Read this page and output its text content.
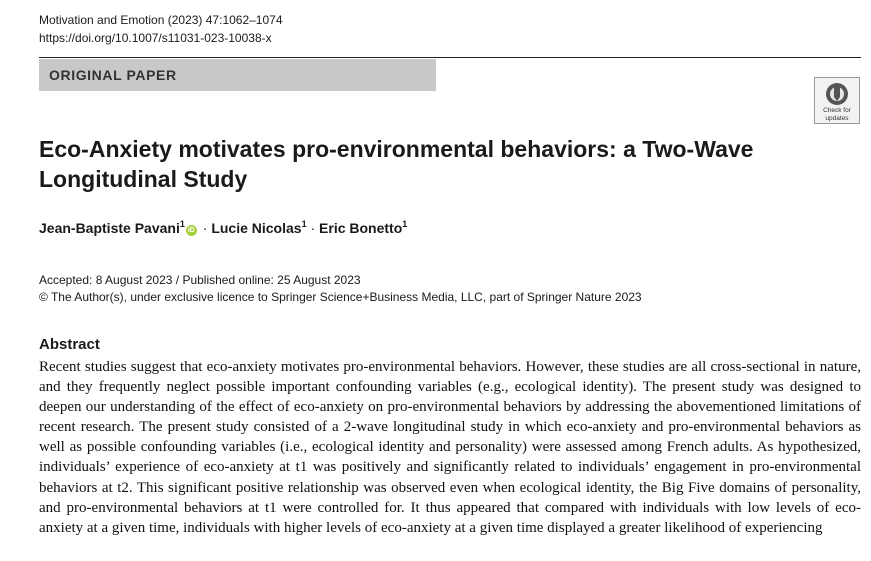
Motivation and Emotion (2023) 47:1062–1074
https://doi.org/10.1007/s11031-023-10038-x
ORIGINAL PAPER
Check for
updates
Eco-Anxiety motivates pro-environmental behaviors: a Two-Wave
Longitudinal Study
Jean-Baptiste Pavani$^1$iD · Lucie Nicolas$^1$ · Eric Bonetto$^1$
Accepted: 8 August 2023 / Published online: 25 August 2023
© The Author(s), under exclusive licence to Springer Science+Business Media, LLC, part of Springer Nature 2023
Abstract

Recent studies suggest that eco-anxiety motivates pro-environmental behaviors. However, these studies are all cross-sectional in nature, and they frequently neglect possible important confounding variables (e.g., ecological identity). The present study was designed to deepen our understanding of the effect of eco-anxiety on pro-environmental behaviors by addressing the abovementioned limitations of recent research. The present study consisted of a 2-wave longitudinal study in which eco-anxiety and pro-environmental behaviors as well as possible confounding variables (i.e., ecological identity and personality) were assessed among French adults. As hypothesized, individuals’ experience of eco-anxiety at t1 was positively and significantly related to individuals’ engagement in pro-environmental behaviors at t2. This significant positive relationship was observed even when ecological identity, the Big Five domains of personality, and pro-environmental behaviors at t1 were controlled for. It thus appeared that compared with individuals with low levels of eco-anxiety at a given time, individuals with higher levels of eco-anxiety at a given time displayed a greater likelihood of experiencing
